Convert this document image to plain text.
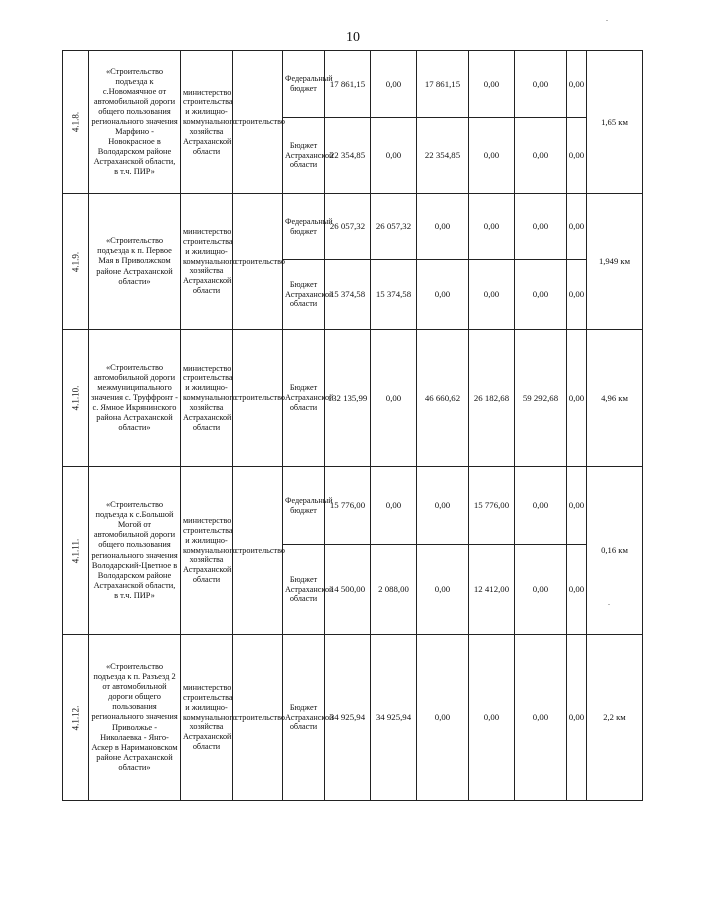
10
4.1.8.	«Строительство подъезда к с.Новомаячное от автомобильной дороги общего пользования регионального значения Марфино - Новокрасное в Володарском районе Астраханской области, в т.ч. ПИР»	министерство строительства и жилищно-коммунального хозяйства Астраханской области	строительство	Федеральный бюджет	17 861,15	0,00	17 861,15	0,00	0,00	0,00	1,65 км
				Бюджет Астраханской области	22 354,85	0,00	22 354,85	0,00	0,00	0,00	

4.1.9.	«Строительство подъезда к п. Первое Мая в Приволжском районе Астраханской области»	министерство строительства и жилищно-коммунального хозяйства Астраханской области	строительство	Федеральный бюджет	26 057,32	26 057,32	0,00	0,00	0,00	0,00	1,949 км
				Бюджет Астраханской области	15 374,58	15 374,58	0,00	0,00	0,00	0,00	

4.1.10.	«Строительство автомобильной дороги межмуниципального значения с. Труффронт - с. Ямное Икрянинского района Астраханской области»	министерство строительства и жилищно-коммунального хозяйства Астраханской области	строительство	Бюджет Астраханской области	132 135,99	0,00	46 660,62	26 182,68	59 292,68	0,00	4,96 км

4.1.11.	«Строительство подъезда к с.Большой Могой от автомобильной дороги общего пользования регионального значения Володарский-Цветное в Володарском районе Астраханской области, в т.ч. ПИР»	министерство строительства и жилищно-коммунального хозяйства Астраханской области	строительство	Федеральный бюджет	15 776,00	0,00	0,00	15 776,00	0,00	0,00	0,16 км
				Бюджет Астраханской области	14 500,00	2 088,00	0,00	12 412,00	0,00	0,00	

4.1.12.	«Строительство подъезда к п. Разъезд 2 от автомобильной дороги общего пользования регионального значения Приволжье - Николаевка - Янго-Аскер в Наримановском районе Астраханской области»	министерство строительства и жилищно-коммунального хозяйства Астраханской области	строительство	Бюджет Астраханской области	34 925,94	34 925,94	0,00	0,00	0,00	0,00	2,2 км
.
.
